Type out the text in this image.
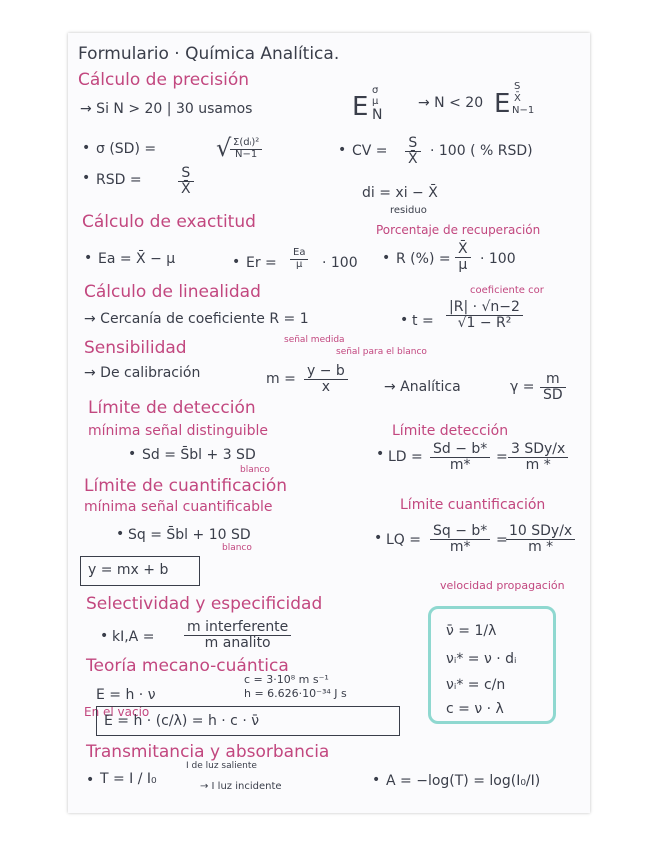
Formulario · Química Analítica.
Cálculo de precisión
→ Si N > 20 | 30 usamos	E
σ
μ
N
→ N < 20 E
S
X̄
N−1
• σ (SD) = √
$\frac{\text{Σ(dᵢ)²}}{N-1}$	• CV = $\frac{S}{X̄} \cdot 100$ ( % RSD)
• RSD =	$\frac{S}{X̄}$	di = xi − X̄
residuo
Cálculo de exactitud	Porcentaje de recuperación
• Ea = X̄ − μ	• $Er = \frac{Ea}{\mu} \cdot 100$ • R (%) = $\frac{X̄}{\mu} \cdot 100$
Cálculo de linealidad	coeficiente cor
→ Cercanía de coeficiente R = 1	• $t = \frac{|R| \cdot √n-2}{\text{√1 − R²}}$
Sensibilidad	señal medida
señal para el blanco
→ De calibración	$m = \frac{y - b}{x}$	→ Analítica	$\gamma = \frac{m}{SD}$
Límite de detección
mínima señal distinguible	Límite detección
• Sd = S̄bl + 3 SD
blanco
• LD = $\frac{Sd - b*}{m*} = 3$ SDy/x
m *
Límite de cuantificación
mínima señal cuantificable	Límite cuantificación
• Sq = S̄bl + 10 SD
blanco
• LQ = $\frac{Sq - b*}{m*}$ =
10 SDy/x
m *
y = mx + b
velocidad propagación
Selectividad y especificidad
• kI,A =
m interferente
m analito
ν̄ = 1/λ
νᵢ* = ν · dᵢ
νᵢ* = c/n
c = ν · λ
Teoría mecano-cuántica
c = 3·10⁸ m s⁻¹
h = 6.626·10⁻³⁴ J s
E = h · ν
En el vacío
E = h · (c/λ) = h · c · ν̄
Transmitancia y absorbancia
• T = I / I₀
I de luz saliente
→ I luz incidente	• A = −log(T) = log(I₀/I)
